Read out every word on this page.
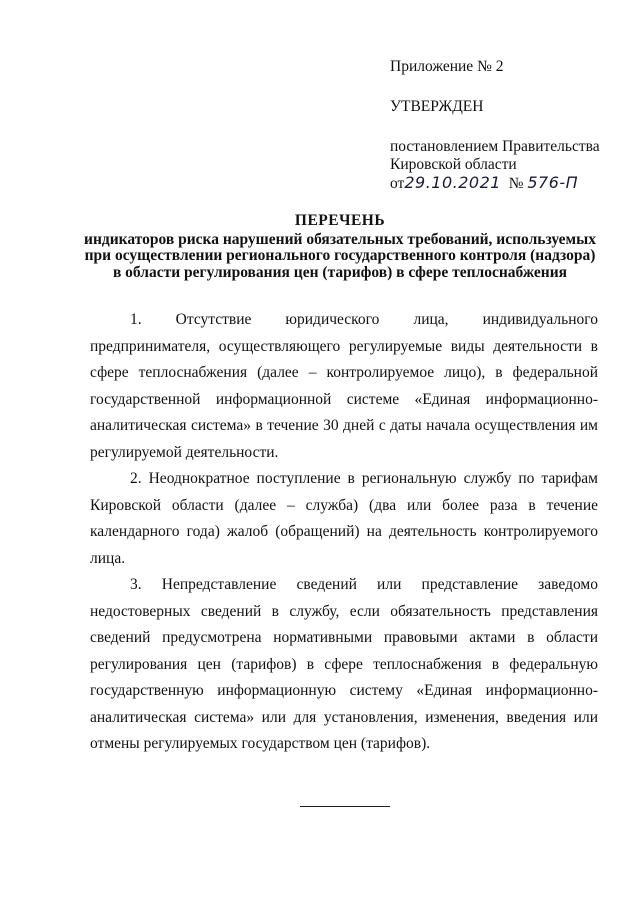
Приложение № 2
УТВЕРЖДЕН
постановлением Правительства
Кировской области
от29.10.2021 № 576-П
ПЕРЕЧЕНЬ
индикаторов риска нарушений обязательных требований, используемых
при осуществлении регионального государственного контроля (надзора)
в области регулирования цен (тарифов) в сфере теплоснабжения

1. Отсутствие юридического лица, индивидуального предпринимателя, осуществляющего регулируемые виды деятельности в сфере теплоснабжения (далее – контролируемое лицо), в федеральной государственной информационной системе «Единая информационно-аналитическая система» в течение 30 дней с даты начала осуществления им регулируемой деятельности.

2. Неоднократное поступление в региональную службу по тарифам Кировской области (далее – служба) (два или более раза в течение календарного года) жалоб (обращений) на деятельность контролируемого лица.

3. Непредставление сведений или представление заведомо недостоверных сведений в службу, если обязательность представления сведений предусмотрена нормативными правовыми актами в области регулирования цен (тарифов) в сфере теплоснабжения в федеральную государственную информационную систему «Единая информационно-аналитическая система» или для установления, изменения, введения или отмены регулируемых государством цен (тарифов).
